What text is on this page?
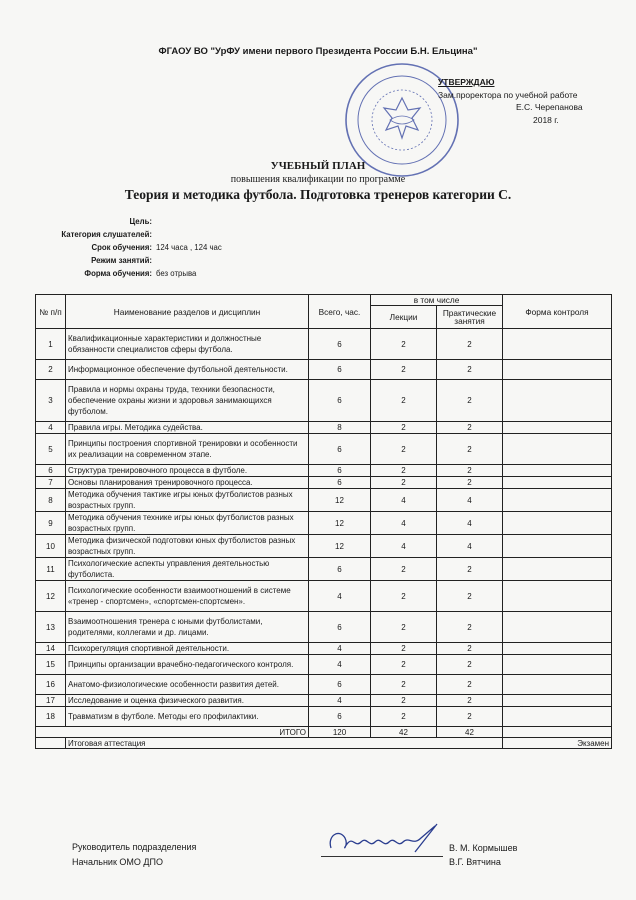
ФГАОУ ВО "УрФУ имени первого Президента России Б.Н. Ельцина"
УТВЕРЖДАЮ
Зам.проректора по учебной работе
Е.С. Черепанова
2018 г.
УЧЕБНЫЙ ПЛАН
повышения квалификации по программе
Теория и методика футбола. Подготовка тренеров категории С.
Цель:
Категория слушателей:
Срок обучения: 124 часа , 124 час
Режим занятий:
Форма обучения: без отрыва
№ п/п	Наименование разделов и дисциплин	Всего, час.	в том числе		Форма контроля
			Лекции	Практические занятия	
1	Квалификационные характеристики и должностные обязанности специалистов сферы футбола.	6	2	2	
2	Информационное обеспечение футбольной деятельности.	6	2	2	
3	Правила и нормы охраны труда, техники безопасности, обеспечение охраны жизни и здоровья занимающихся футболом.	6	2	2	
4	Правила игры. Методика судейства.	8	2	2	
5	Принципы построения спортивной тренировки и особенности их реализации на современном этапе.	6	2	2	
6	Структура тренировочного процесса в футболе.	6	2	2	
7	Основы планирования тренировочного процесса.	6	2	2	
8	Методика обучения тактике игры юных футболистов разных возрастных групп.	12	4	4	
9	Методика обучения технике игры юных футболистов разных возрастных групп.	12	4	4	
10	Методика физической подготовки юных футболистов разных возрастных групп.	12	4	4	
11	Психологические аспекты управления деятельностью футболиста.	6	2	2	
12	Психологические особенности взаимоотношений в системе «тренер - спортсмен», «спортсмен-спортсмен».	4	2	2	
13	Взаимоотношения тренера с юными футболистами, родителями, коллегами и др. лицами.	6	2	2	
14	Психорегуляция спортивной деятельности.	4	2	2	
15	Принципы организации врачебно-педагогического контроля.	4	2	2	
16	Анатомо-физиологические особенности развития детей.	6	2	2	
17	Исследование и оценка физического развития.	4	2	2	
18	Травматизм в футболе. Методы его профилактики.	6	2	2	
ИТОГО		120	42	42	
	Итоговая аттестация				Экзамен
Руководитель подразделения	В. М. Кормышев
Начальник ОМО ДПО	В.Г. Вятчина
